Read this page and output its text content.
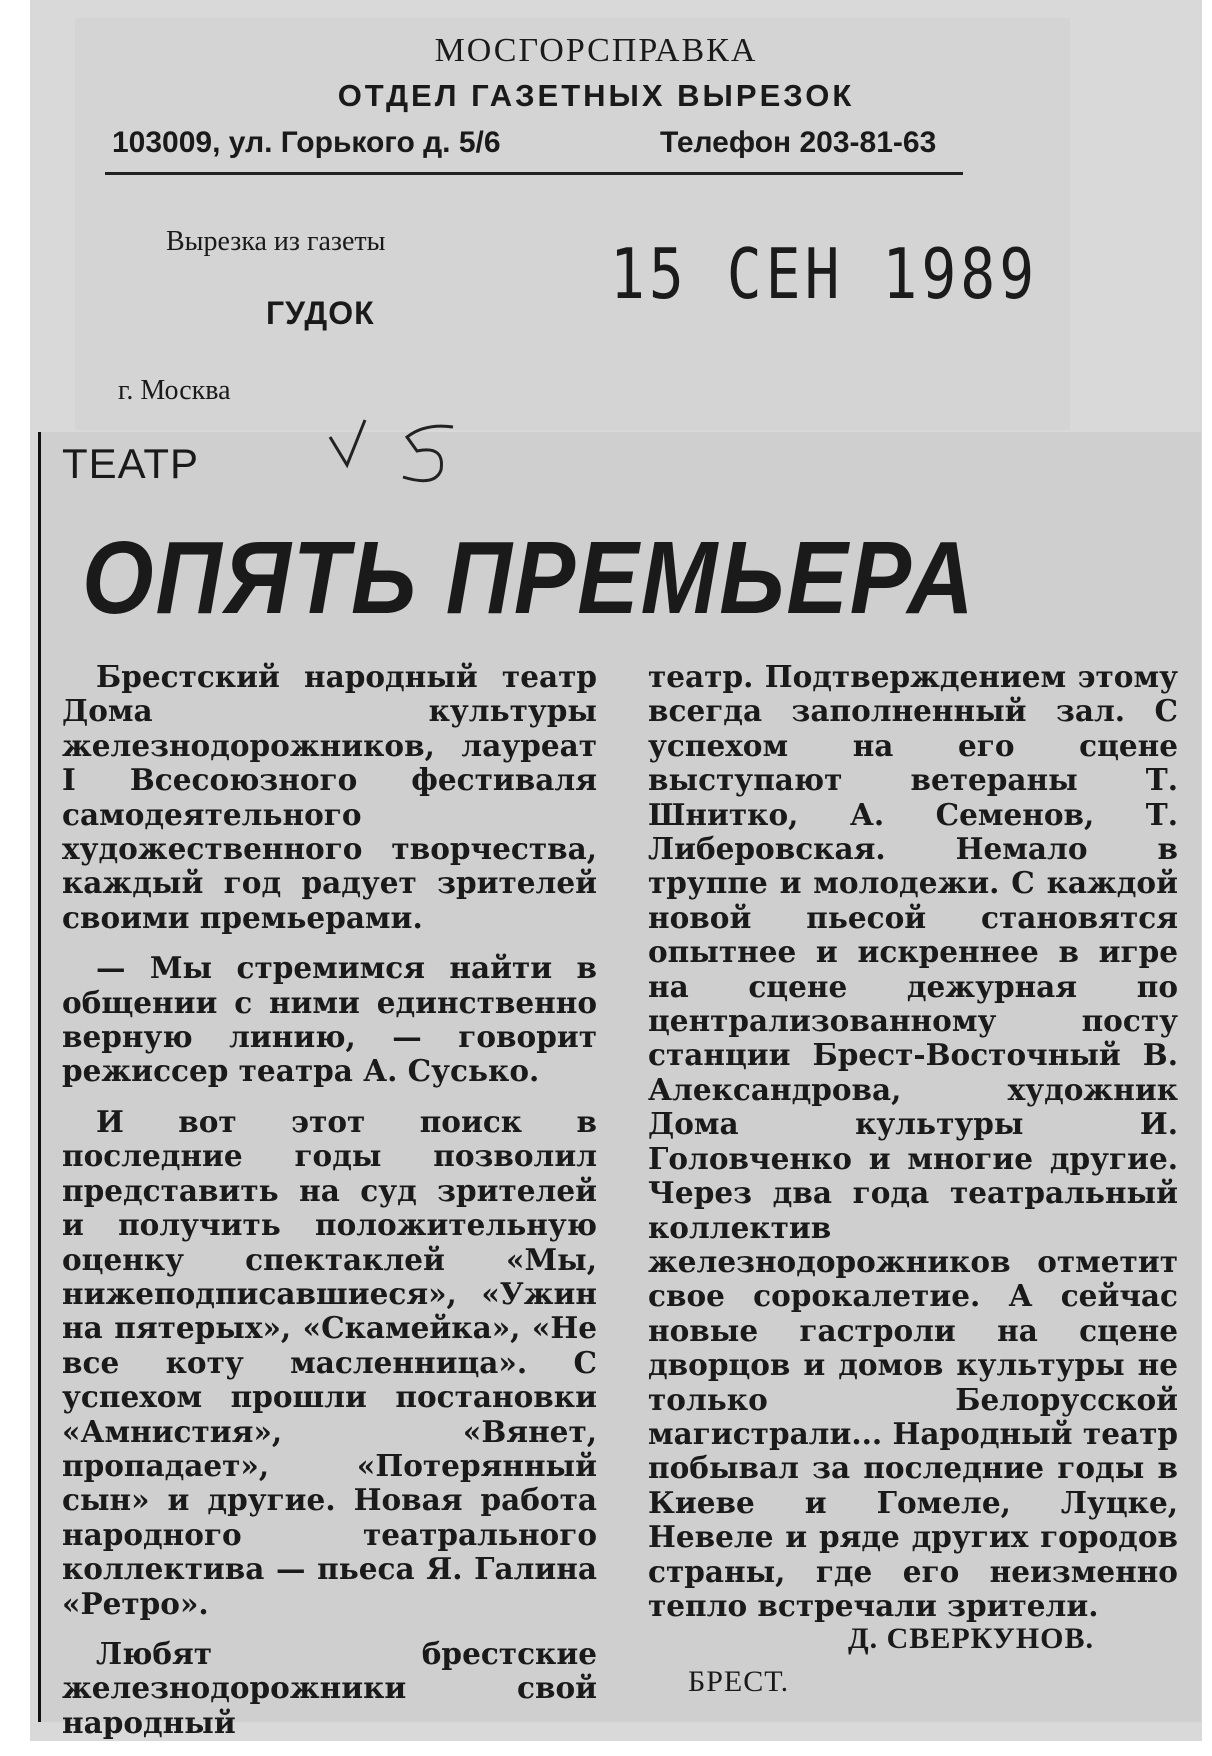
МОСГОРСПРАВКА
ОТДЕЛ ГАЗЕТНЫХ ВЫРЕЗОК
103009, ул. Горького д. 5/6	Телефон 203-81-63
Вырезка из газеты
ГУДОК
г. Москва
15 СЕН 1989
ТЕАТР
ОПЯТЬ ПРЕМЬЕРА

Брестский народный театр Дома культуры железнодорожников, лауреат I Всесоюзного фестиваля самодеятельного художественного творчества, каждый год радует зрителей своими премьерами.

— Мы стремимся найти в общении с ними единственно верную линию, — говорит режиссер театра А. Сусько.

И вот этот поиск в последние годы позволил представить на суд зрителей и получить положительную оценку спектаклей «Мы, нижеподписавшиеся», «Ужин на пятерых», «Скамейка», «Не все коту масленница». С успехом прошли постановки «Амнистия», «Вянет, пропадает», «Потерянный сын» и другие. Новая работа народного театрального коллектива — пьеса Я. Галина «Ретро».

Любят брестские железнодорожники свой народный

театр. Подтверждением этому всегда заполненный зал. С успехом на его сцене выступают ветераны Т. Шнитко, А. Семенов, Т. Либеровская. Немало в труппе и молодежи. С каждой новой пьесой становятся опытнее и искреннее в игре на сцене дежурная по централизованному посту станции Брест-Восточный В. Александрова, художник Дома культуры И. Головченко и многие другие. Через два года театральный коллектив железнодорожников отметит свое сорокалетие. А сейчас новые гастроли на сцене дворцов и домов культуры не только Белорусской магистрали... Народный театр побывал за последние годы в Киеве и Гомеле, Луцке, Невеле и ряде других городов страны, где его неизменно тепло встречали зрители.

Д. СВЕРКУНОВ.
БРЕСТ.
